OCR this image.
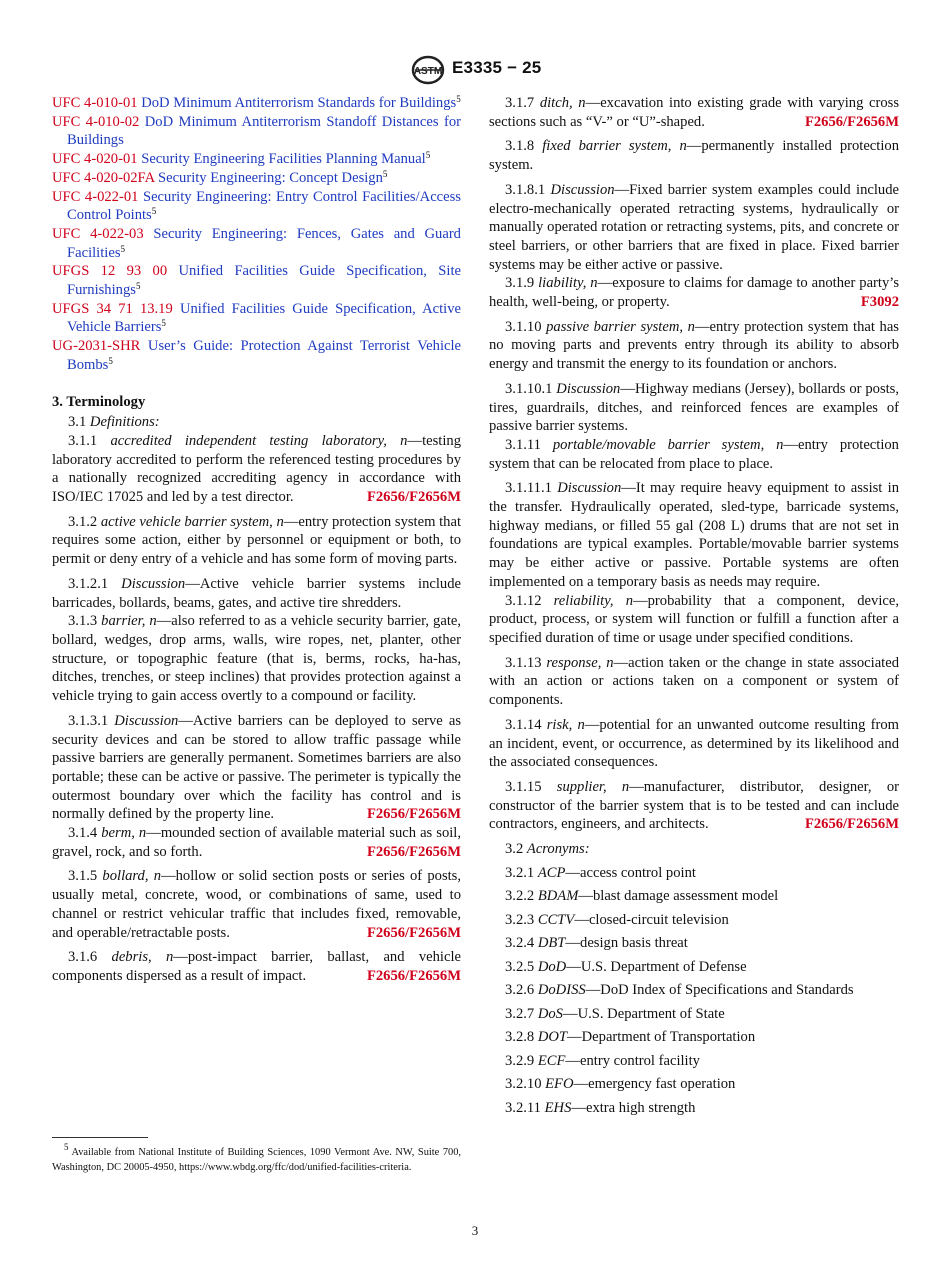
ASTM E3335 − 25

UFC 4-010-01 DoD Minimum Antiterrorism Standards for Buildings$^5$

UFC 4-010-02 DoD Minimum Antiterrorism Standoff Distances for Buildings

UFC 4-020-01 Security Engineering Facilities Planning Manual$^5$

UFC 4-020-02FA Security Engineering: Concept Design$^5$

UFC 4-022-01 Security Engineering: Entry Control Facilities/Access Control Points$^5$

UFC 4-022-03 Security Engineering: Fences, Gates and Guard Facilities$^5$

UFGS 12 93 00 Unified Facilities Guide Specification, Site Furnishings$^5$

UFGS 34 71 13.19 Unified Facilities Guide Specification, Active Vehicle Barriers$^5$

UG-2031-SHR User’s Guide: Protection Against Terrorist Vehicle Bombs$^5$

3. Terminology

3.1 Definitions:

3.1.1 accredited independent testing laboratory, n—testing laboratory accredited to perform the referenced testing procedures by a nationally recognized accrediting agency in accordance with ISO/IEC 17025 and led by a test director.	F2656/F2656M

3.1.2 active vehicle barrier system, n—entry protection system that requires some action, either by personnel or equipment or both, to permit or deny entry of a vehicle and has some form of moving parts.

3.1.2.1 Discussion—Active vehicle barrier systems include barricades, bollards, beams, gates, and active tire shredders.

3.1.3 barrier, n—also referred to as a vehicle security barrier, gate, bollard, wedges, drop arms, walls, wire ropes, net, planter, other structure, or topographic feature (that is, berms, rocks, ha-has, ditches, trenches, or steep inclines) that provides protection against a vehicle trying to gain access overtly to a compound or facility.

3.1.3.1 Discussion—Active barriers can be deployed to serve as security devices and can be stored to allow traffic passage while passive barriers are generally permanent. Sometimes barriers are also portable; these can be active or passive. The perimeter is typically the outermost boundary over which the facility has control and is normally defined by the property line.	F2656/F2656M

3.1.4 berm, n—mounded section of available material such as soil, gravel, rock, and so forth.	F2656/F2656M

3.1.5 bollard, n—hollow or solid section posts or series of posts, usually metal, concrete, wood, or combinations of same, used to channel or restrict vehicular traffic that includes fixed, removable, and operable/retractable posts.	F2656/F2656M

3.1.6 debris, n—post-impact barrier, ballast, and vehicle components dispersed as a result of impact.	F2656/F2656M

$^5$ Available from National Institute of Building Sciences, 1090 Vermont Ave. NW, Suite 700, Washington, DC 20005-4950, https://www.wbdg.org/ffc/dod/unified-facilities-criteria.

3.1.7 ditch, n—excavation into existing grade with varying cross sections such as “V-” or “U”-shaped.	F2656/F2656M

3.1.8 fixed barrier system, n—permanently installed protection system.

3.1.8.1 Discussion—Fixed barrier system examples could include electro-mechanically operated retracting systems, hydraulically or manually operated rotation or retracting systems, pits, and concrete or steel barriers, or other barriers that are fixed in place. Fixed barrier systems may be either active or passive.

3.1.9 liability, n—exposure to claims for damage to another party’s health, well-being, or property.	F3092

3.1.10 passive barrier system, n—entry protection system that has no moving parts and prevents entry through its ability to absorb energy and transmit the energy to its foundation or anchors.

3.1.10.1 Discussion—Highway medians (Jersey), bollards or posts, tires, guardrails, ditches, and reinforced fences are examples of passive barrier systems.

3.1.11 portable/movable barrier system, n—entry protection system that can be relocated from place to place.

3.1.11.1 Discussion—It may require heavy equipment to assist in the transfer. Hydraulically operated, sled-type, barricade systems, highway medians, or filled 55 gal (208 L) drums that are not set in foundations are typical examples. Portable/movable barrier systems may be either active or passive. Portable systems are often implemented on a temporary basis as needs may require.

3.1.12 reliability, n—probability that a component, device, product, process, or system will function or fulfill a function after a specified duration of time or usage under specified conditions.

3.1.13 response, n—action taken or the change in state associated with an action or actions taken on a component or system of components.

3.1.14 risk, n—potential for an unwanted outcome resulting from an incident, event, or occurrence, as determined by its likelihood and the associated consequences.

3.1.15 supplier, n—manufacturer, distributor, designer, or constructor of the barrier system that is to be tested and can include contractors, engineers, and architects.	F2656/F2656M

3.2 Acronyms:

3.2.1 ACP—access control point

3.2.2 BDAM—blast damage assessment model

3.2.3 CCTV—closed-circuit television

3.2.4 DBT—design basis threat

3.2.5 DoD—U.S. Department of Defense

3.2.6 DoDISS—DoD Index of Specifications and Standards

3.2.7 DoS—U.S. Department of State

3.2.8 DOT—Department of Transportation

3.2.9 ECF—entry control facility

3.2.10 EFO—emergency fast operation

3.2.11 EHS—extra high strength

3
